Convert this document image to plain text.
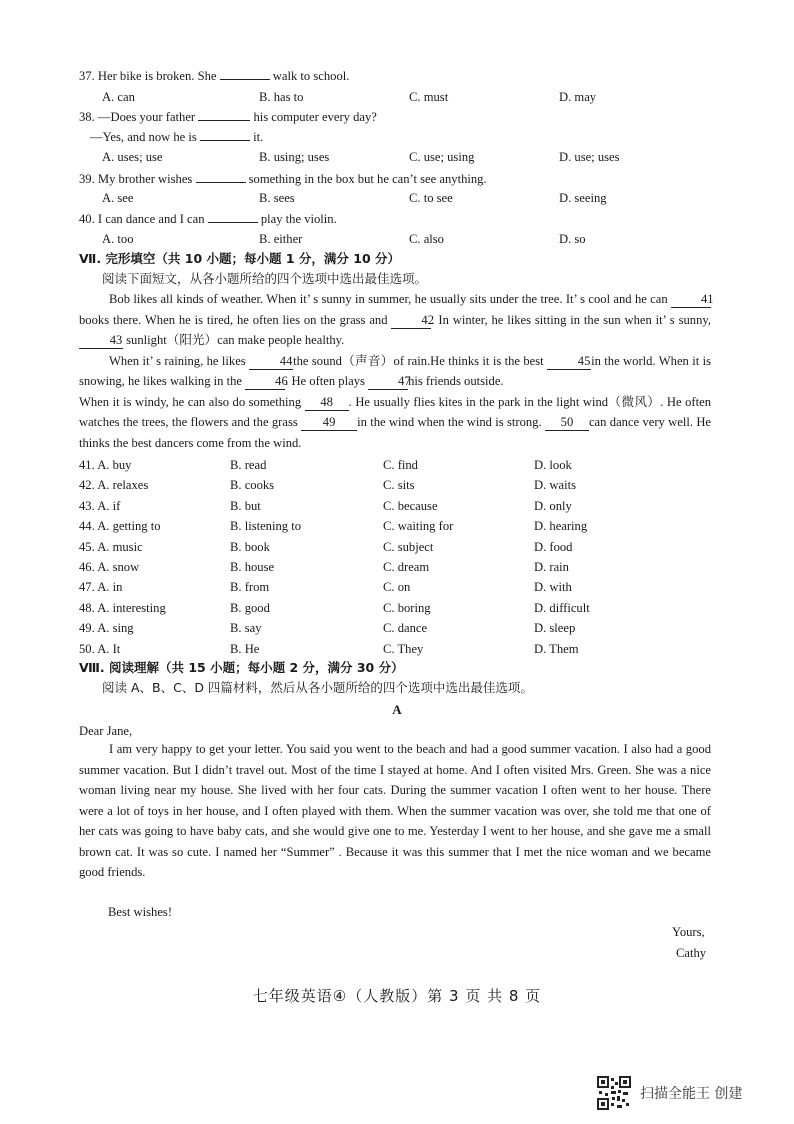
37. Her bike is broken. She	walk to school.
A. can	B. has to	C. must	D. may
38. —Does your father	his computer every day?
—Yes, and now he is	it.
A. uses; use	B. using; uses	C. use; using	D. use; uses
39. My brother wishes	something in the box but he can’t see anything.
A. see	B. sees	C. to see	D. seeing
40. I can dance and I can	play the violin.
A. too	B. either	C. also	D. so
Ⅶ. 完形填空（共 10 小题；每小题 1 分，满分 10 分）
阅读下面短文，从各小题所给的四个选项中选出最佳选项。

Bob likes all kinds of weather. When it’ s sunny in summer, he usually sits under the tree. It’ s cool and he can	41 books there. When he is tired, he often lies on the grass and	42. In winter, he likes sitting in the sun when it’ s sunny, 43 sunlight（阳光）can make people healthy.

When it’ s raining, he likes	44the sound（声音）of rain.He thinks it is the best	45in the world. When it is snowing, he likes walking in the	46. He often plays	47his friends outside.

When it is windy, he can also do something 48 . He usually flies kites in the park in the light wind（微风）. He often watches the trees, the flowers and the grass 49 in the wind when the wind is strong. 50 can dance very well. He thinks the best dancers come from the wind.

41. A. buy	B. read	C. find	D. look
42. A. relaxes	B. cooks	C. sits	D. waits
43. A. if	B. but	C. because	D. only
44. A. getting to	B. listening to	C. waiting for	D. hearing
45. A. music	B. book	C. subject	D. food
46. A. snow	B. house	C. dream	D. rain
47. A. in	B. from	C. on	D. with
48. A. interesting	B. good	C. boring	D. difficult
49. A. sing	B. say	C. dance	D. sleep
50. A. It	B. He	C. They	D. Them
Ⅷ. 阅读理解（共 15 小题；每小题 2 分，满分 30 分）
阅读 A、B、C、D 四篇材料，然后从各小题所给的四个选项中选出最佳选项。
A
Dear Jane,

I am very happy to get your letter. You said you went to the beach and had a good summer vacation. I also had a good summer vacation. But I didn’t travel out. Most of the time I stayed at home. And I often visited Mrs. Green. She was a nice woman living near my house. She lived with her four cats. During the summer vacation I often went to her house. There were a lot of toys in her house, and I often played with them. When the summer vacation was over, she told me that one of her cats was going to have baby cats, and she would give one to me. Yesterday I went to her house, and she gave me a small brown cat. It was so cute. I named her “Summer” . Because it was this summer that I met the nice woman and we became good friends.

Best wishes!
Yours,
Cathy
七年级英语④（人教版）第 3 页 共 8 页
扫描全能王 创建
